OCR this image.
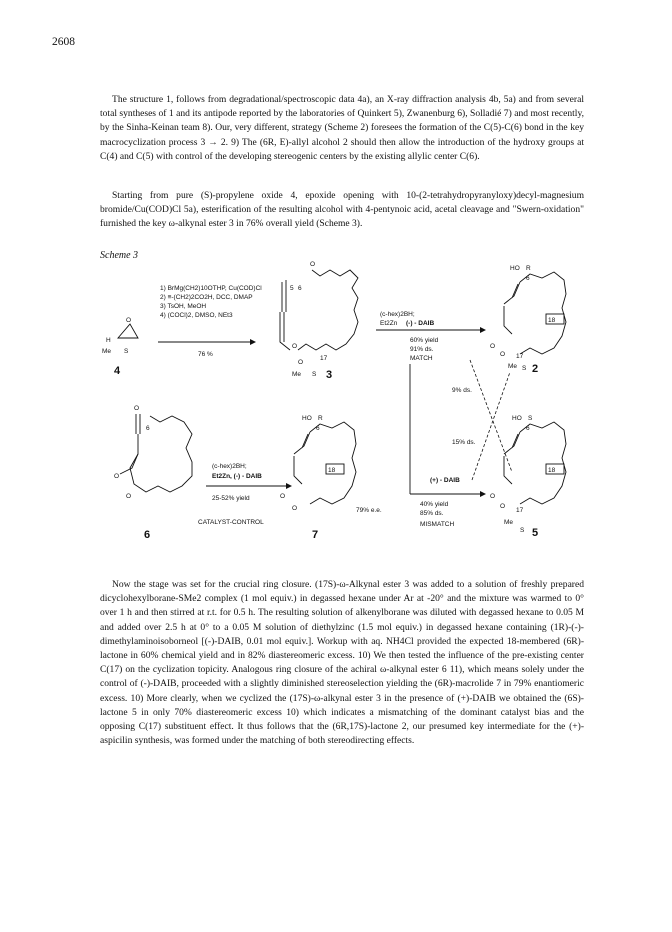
2608

The structure 1, follows from degradational/spectroscopic data 4a), an X-ray diffraction analysis 4b, 5a) and from several total syntheses of 1 and its antipode reported by the laboratories of Quinkert 5), Zwanenburg 6), Solladié 7) and most recently, by the Sinha-Keinan team 8). Our, very different, strategy (Scheme 2) foresees the formation of the C(5)-C(6) bond in the key macrocyclization process 3 → 2. 9) The (6R, E)-allyl alcohol 2 should then allow the introduction of the hydroxy groups at C(4) and C(5) with control of the developing stereogenic centers by the existing allylic center C(6).

Starting from pure (S)-propylene oxide 4, epoxide opening with 10-(2-tetrahydropyranyloxy)decyl-magnesium bromide/Cu(COD)Cl 5a), esterification of the resulting alcohol with 4-pentynoic acid, acetal cleavage and "Swern-oxidation" furnished the key ω-alkynal ester 3 in 76% overall yield (Scheme 3).

Scheme 3
O
H
Me S
4
1) BrMg(CH2)10OTHP, Cu(COD)Cl
2) ≡-(CH2)2CO2H, DCC, DMAP
3) TsOH, MeOH
4) (COCl)2, DMSO, NEt3
76 %
O
5 6
O
O
17
Me S 3
(c-hex)2BH;
Et2Zn (-) - DAIB
60% yield
91% ds.
MATCH
18
HO R
6
O
O 17
Me S 2
9% ds.
15% ds.
(+) - DAIB
40% yield
85% ds.
MISMATCH
18
HO S
6
O
O
17
Me
S 5
O
6
O
O
6
(c-hex)2BH;
Et2Zn, (-) - DAIB
25-52% yield
CATALYST-CONTROL
18
HO R
6
O
O
7
79% e.e.

Now the stage was set for the crucial ring closure. (17S)-ω-Alkynal ester 3 was added to a solution of freshly prepared dicyclohexylborane-SMe2 complex (1 mol equiv.) in degassed hexane under Ar at -20° and the mixture was warmed to 0° over 1 h and then stirred at r.t. for 0.5 h. The resulting solution of alkenylborane was diluted with degassed hexane to 0.05 M and added over 2.5 h at 0° to a 0.05 M solution of diethylzinc (1.5 mol equiv.) in degassed hexane containing (1R)-(-)-dimethylaminoisoborneol [(-)-DAIB, 0.01 mol equiv.]. Workup with aq. NH4Cl provided the expected 18-membered (6R)-lactone in 60% chemical yield and in 82% diastereomeric excess. 10) We then tested the influence of the pre-existing center C(17) on the cyclization topicity. Analogous ring closure of the achiral ω-alkynal ester 6 11), which means solely under the control of (-)-DAIB, proceeded with a slightly diminished stereoselection yielding the (6R)-macrolide 7 in 79% enantiomeric excess. 10) More clearly, when we cyclized the (17S)-ω-alkynal ester 3 in the presence of (+)-DAIB we obtained the (6S)-lactone 5 in only 70% diastereomeric excess 10) which indicates a mismatching of the dominant catalyst bias and the opposing C(17) substituent effect. It thus follows that the (6R,17S)-lactone 2, our presumed key intermediate for the (+)-aspicilin synthesis, was formed under the matching of both stereodirecting effects.
